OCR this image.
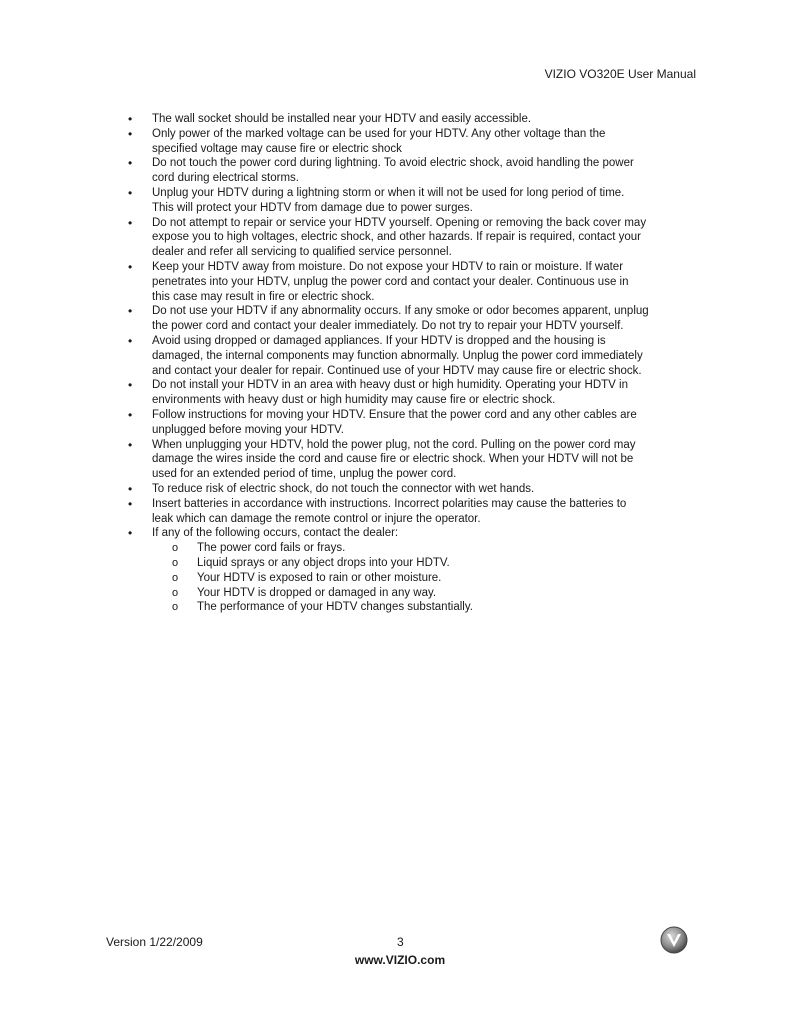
VIZIO VO320E User Manual
• The wall socket should be installed near your HDTV and easily accessible.
• Only power of the marked voltage can be used for your HDTV. Any other voltage than the
specified voltage may cause fire or electric shock
• Do not touch the power cord during lightning. To avoid electric shock, avoid handling the power
cord during electrical storms.
• Unplug your HDTV during a lightning storm or when it will not be used for long period of time.
This will protect your HDTV from damage due to power surges.
• Do not attempt to repair or service your HDTV yourself. Opening or removing the back cover may
expose you to high voltages, electric shock, and other hazards. If repair is required, contact your
dealer and refer all servicing to qualified service personnel.
• Keep your HDTV away from moisture. Do not expose your HDTV to rain or moisture. If water
penetrates into your HDTV, unplug the power cord and contact your dealer. Continuous use in
this case may result in fire or electric shock.
• Do not use your HDTV if any abnormality occurs. If any smoke or odor becomes apparent, unplug
the power cord and contact your dealer immediately. Do not try to repair your HDTV yourself.
• Avoid using dropped or damaged appliances. If your HDTV is dropped and the housing is
damaged, the internal components may function abnormally. Unplug the power cord immediately
and contact your dealer for repair. Continued use of your HDTV may cause fire or electric shock.
• Do not install your HDTV in an area with heavy dust or high humidity. Operating your HDTV in
environments with heavy dust or high humidity may cause fire or electric shock.
• Follow instructions for moving your HDTV. Ensure that the power cord and any other cables are
unplugged before moving your HDTV.
• When unplugging your HDTV, hold the power plug, not the cord. Pulling on the power cord may
damage the wires inside the cord and cause fire or electric shock. When your HDTV will not be
used for an extended period of time, unplug the power cord.
• To reduce risk of electric shock, do not touch the connector with wet hands.
• Insert batteries in accordance with instructions. Incorrect polarities may cause the batteries to
leak which can damage the remote control or injure the operator.
• If any of the following occurs, contact the dealer:
o The power cord fails or frays.
o Liquid sprays or any object drops into your HDTV.
o Your HDTV is exposed to rain or other moisture.
o Your HDTV is dropped or damaged in any way.
o The performance of your HDTV changes substantially.
Version 1/22/2009	3
www.VIZIO.com
